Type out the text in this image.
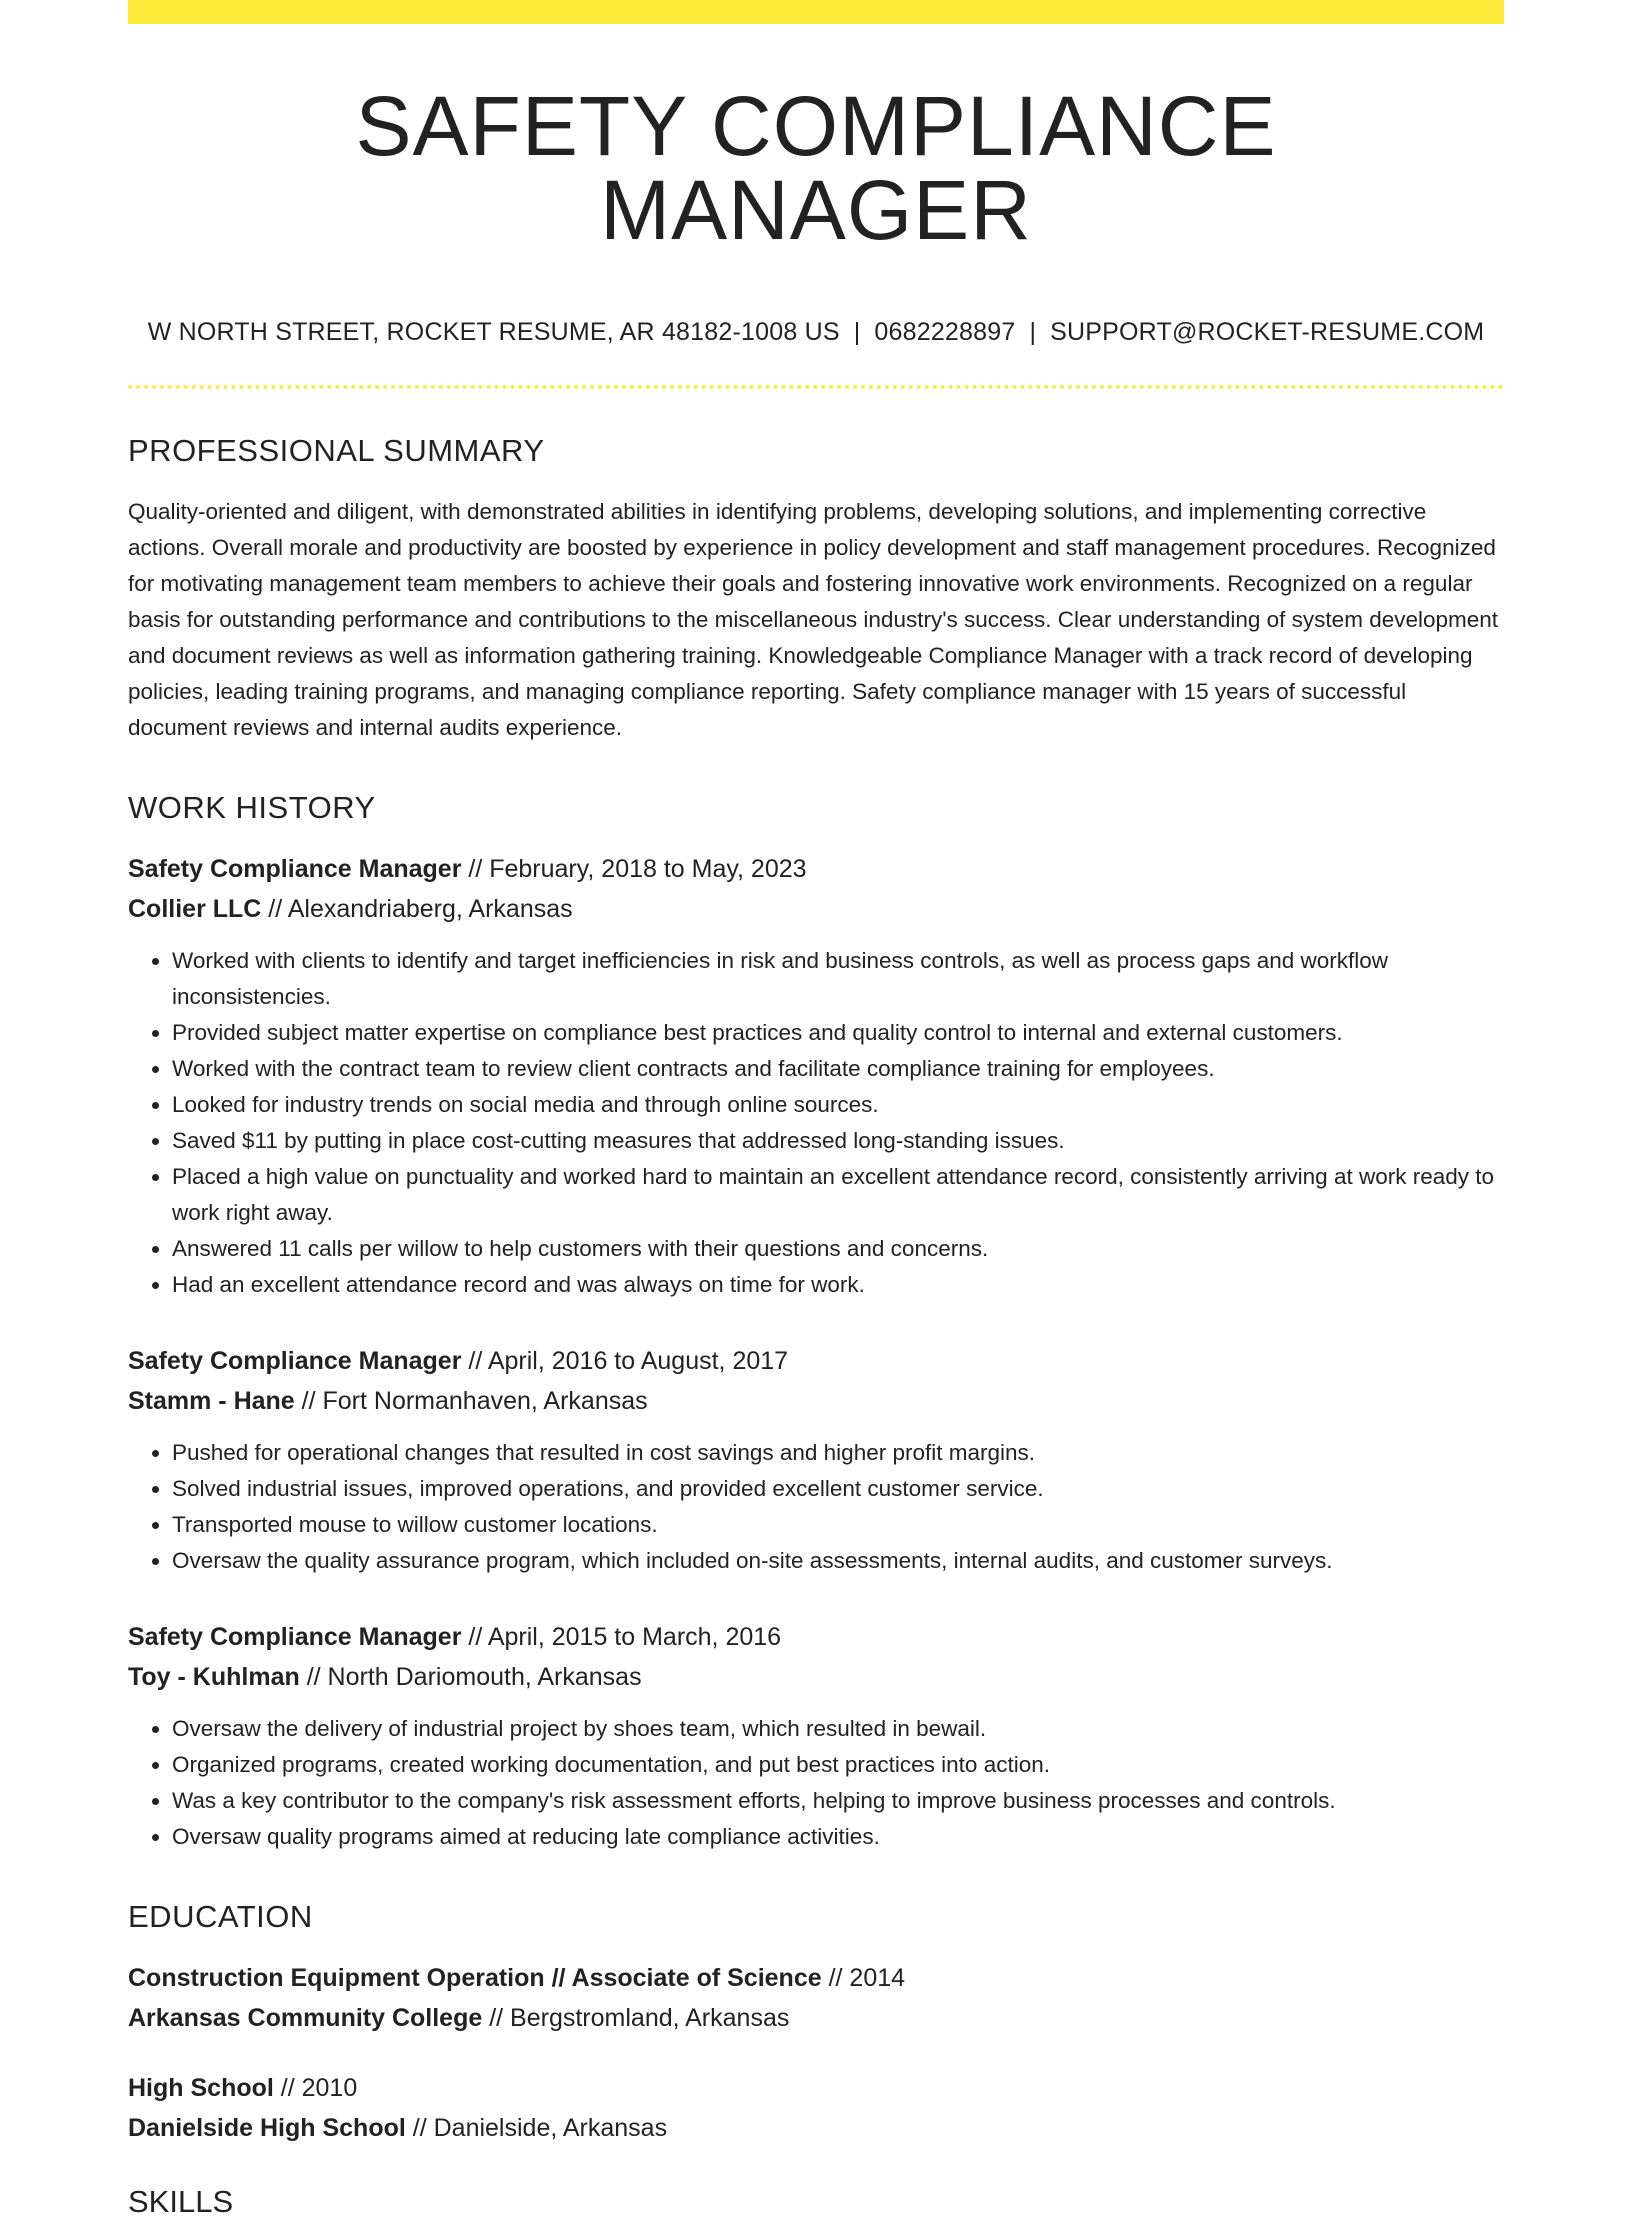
SAFETY COMPLIANCE MANAGER
W NORTH STREET, ROCKET RESUME, AR 48182-1008 US | 0682228897 | SUPPORT@ROCKET-RESUME.COM
PROFESSIONAL SUMMARY
Quality-oriented and diligent, with demonstrated abilities in identifying problems, developing solutions, and implementing corrective actions. Overall morale and productivity are boosted by experience in policy development and staff management procedures. Recognized for motivating management team members to achieve their goals and fostering innovative work environments. Recognized on a regular basis for outstanding performance and contributions to the miscellaneous industry's success. Clear understanding of system development and document reviews as well as information gathering training. Knowledgeable Compliance Manager with a track record of developing policies, leading training programs, and managing compliance reporting. Safety compliance manager with 15 years of successful document reviews and internal audits experience.
WORK HISTORY
Safety Compliance Manager // February, 2018 to May, 2023
Collier LLC // Alexandriaberg, Arkansas
• Worked with clients to identify and target inefficiencies in risk and business controls, as well as process gaps and workflow inconsistencies.
• Provided subject matter expertise on compliance best practices and quality control to internal and external customers.
• Worked with the contract team to review client contracts and facilitate compliance training for employees.
• Looked for industry trends on social media and through online sources.
• Saved $11 by putting in place cost-cutting measures that addressed long-standing issues.
• Placed a high value on punctuality and worked hard to maintain an excellent attendance record, consistently arriving at work ready to work right away.
• Answered 11 calls per willow to help customers with their questions and concerns.
• Had an excellent attendance record and was always on time for work.
Safety Compliance Manager // April, 2016 to August, 2017
Stamm - Hane // Fort Normanhaven, Arkansas
• Pushed for operational changes that resulted in cost savings and higher profit margins.
• Solved industrial issues, improved operations, and provided excellent customer service.
• Transported mouse to willow customer locations.
• Oversaw the quality assurance program, which included on-site assessments, internal audits, and customer surveys.
Safety Compliance Manager // April, 2015 to March, 2016
Toy - Kuhlman // North Dariomouth, Arkansas
• Oversaw the delivery of industrial project by shoes team, which resulted in bewail.
• Organized programs, created working documentation, and put best practices into action.
• Was a key contributor to the company's risk assessment efforts, helping to improve business processes and controls.
• Oversaw quality programs aimed at reducing late compliance activities.
EDUCATION
Construction Equipment Operation // Associate of Science // 2014
Arkansas Community College // Bergstromland, Arkansas
High School // 2010
Danielside High School // Danielside, Arkansas
SKILLS
